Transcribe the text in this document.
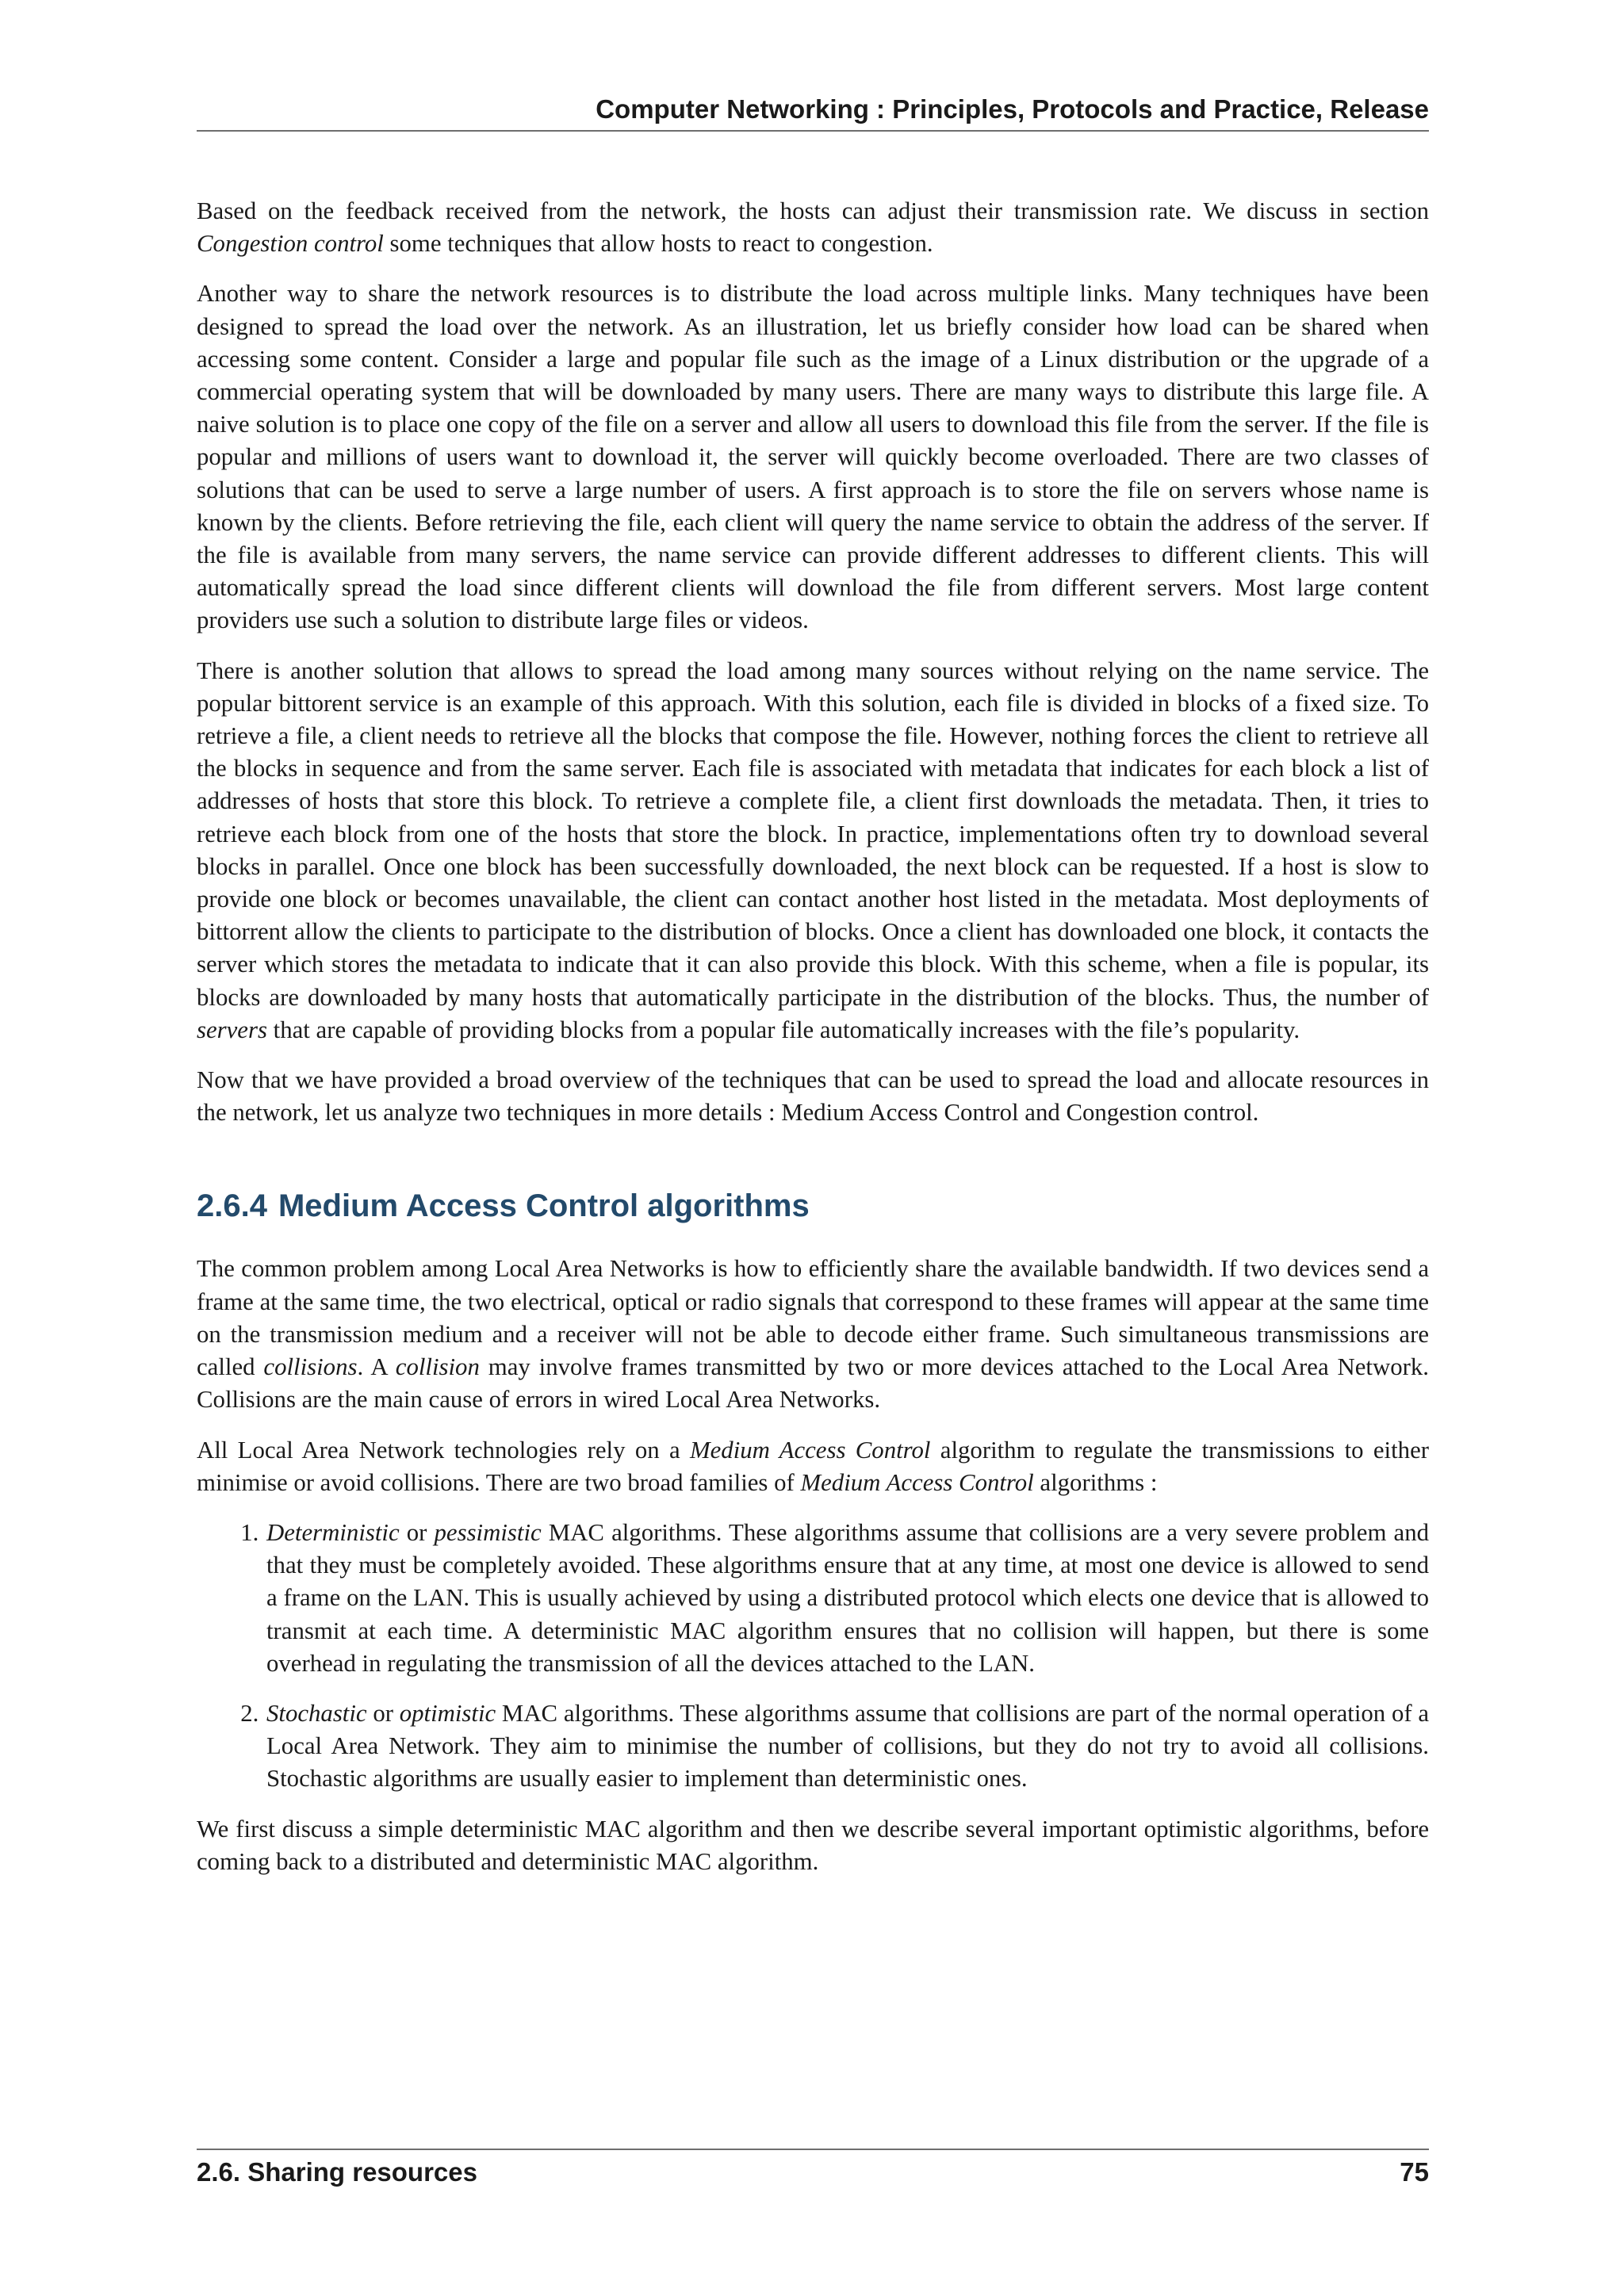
Computer Networking : Principles, Protocols and Practice, Release

Based on the feedback received from the network, the hosts can adjust their transmission rate. We discuss in section Congestion control some techniques that allow hosts to react to congestion.

Another way to share the network resources is to distribute the load across multiple links. Many techniques have been designed to spread the load over the network. As an illustration, let us briefly consider how load can be shared when accessing some content. Consider a large and popular file such as the image of a Linux distribution or the upgrade of a commercial operating system that will be downloaded by many users. There are many ways to distribute this large file. A naive solution is to place one copy of the file on a server and allow all users to download this file from the server. If the file is popular and millions of users want to download it, the server will quickly become overloaded. There are two classes of solutions that can be used to serve a large number of users. A first approach is to store the file on servers whose name is known by the clients. Before retrieving the file, each client will query the name service to obtain the address of the server. If the file is available from many servers, the name service can provide different addresses to different clients. This will automatically spread the load since different clients will download the file from different servers. Most large content providers use such a solution to distribute large files or videos.

There is another solution that allows to spread the load among many sources without relying on the name service. The popular bittorent service is an example of this approach. With this solution, each file is divided in blocks of a fixed size. To retrieve a file, a client needs to retrieve all the blocks that compose the file. However, nothing forces the client to retrieve all the blocks in sequence and from the same server. Each file is associated with metadata that indicates for each block a list of addresses of hosts that store this block. To retrieve a complete file, a client first downloads the metadata. Then, it tries to retrieve each block from one of the hosts that store the block. In practice, implementations often try to download several blocks in parallel. Once one block has been successfully downloaded, the next block can be requested. If a host is slow to provide one block or becomes unavailable, the client can contact another host listed in the metadata. Most deployments of bittorrent allow the clients to participate to the distribution of blocks. Once a client has downloaded one block, it contacts the server which stores the metadata to indicate that it can also provide this block. With this scheme, when a file is popular, its blocks are downloaded by many hosts that automatically participate in the distribution of the blocks. Thus, the number of servers that are capable of providing blocks from a popular file automatically increases with the file’s popularity.

Now that we have provided a broad overview of the techniques that can be used to spread the load and allocate resources in the network, let us analyze two techniques in more details : Medium Access Control and Congestion control.

2.6.4 Medium Access Control algorithms

The common problem among Local Area Networks is how to efficiently share the available bandwidth. If two devices send a frame at the same time, the two electrical, optical or radio signals that correspond to these frames will appear at the same time on the transmission medium and a receiver will not be able to decode either frame. Such simultaneous transmissions are called collisions. A collision may involve frames transmitted by two or more devices attached to the Local Area Network. Collisions are the main cause of errors in wired Local Area Networks.

All Local Area Network technologies rely on a Medium Access Control algorithm to regulate the transmissions to either minimise or avoid collisions. There are two broad families of Medium Access Control algorithms :

1. Deterministic or pessimistic MAC algorithms. These algorithms assume that collisions are a very severe problem and that they must be completely avoided. These algorithms ensure that at any time, at most one device is allowed to send a frame on the LAN. This is usually achieved by using a distributed protocol which elects one device that is allowed to transmit at each time. A deterministic MAC algorithm ensures that no collision will happen, but there is some overhead in regulating the transmission of all the devices attached to the LAN.
2. Stochastic or optimistic MAC algorithms. These algorithms assume that collisions are part of the normal operation of a Local Area Network. They aim to minimise the number of collisions, but they do not try to avoid all collisions. Stochastic algorithms are usually easier to implement than deterministic ones.

We first discuss a simple deterministic MAC algorithm and then we describe several important optimistic algorithms, before coming back to a distributed and deterministic MAC algorithm.

2.6. Sharing resources	75
